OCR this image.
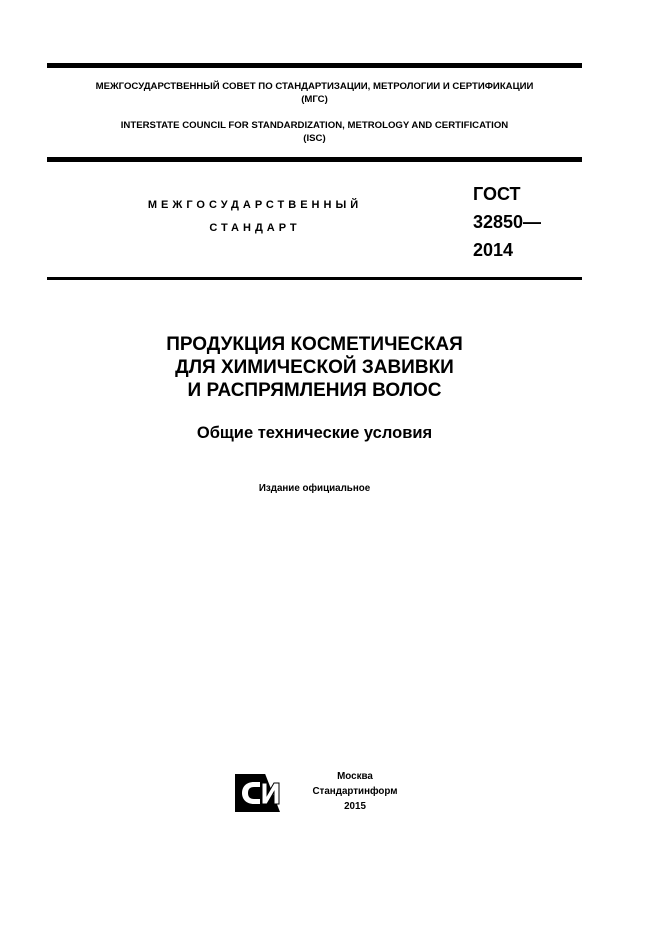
МЕЖГОСУДАРСТВЕННЫЙ СОВЕТ ПО СТАНДАРТИЗАЦИИ, МЕТРОЛОГИИ И СЕРТИФИКАЦИИ
(МГС)
INTERSTATE COUNCIL FOR STANDARDIZATION, METROLOGY AND CERTIFICATION
(ISC)
МЕЖГОСУДАРСТВЕННЫЙ
СТАНДАРТ
ГОСТ
32850—
2014
ПРОДУКЦИЯ КОСМЕТИЧЕСКАЯ
ДЛЯ ХИМИЧЕСКОЙ ЗАВИВКИ
И РАСПРЯМЛЕНИЯ ВОЛОС
Общие технические условия
Издание официальное
Москва
Стандартинформ
2015
